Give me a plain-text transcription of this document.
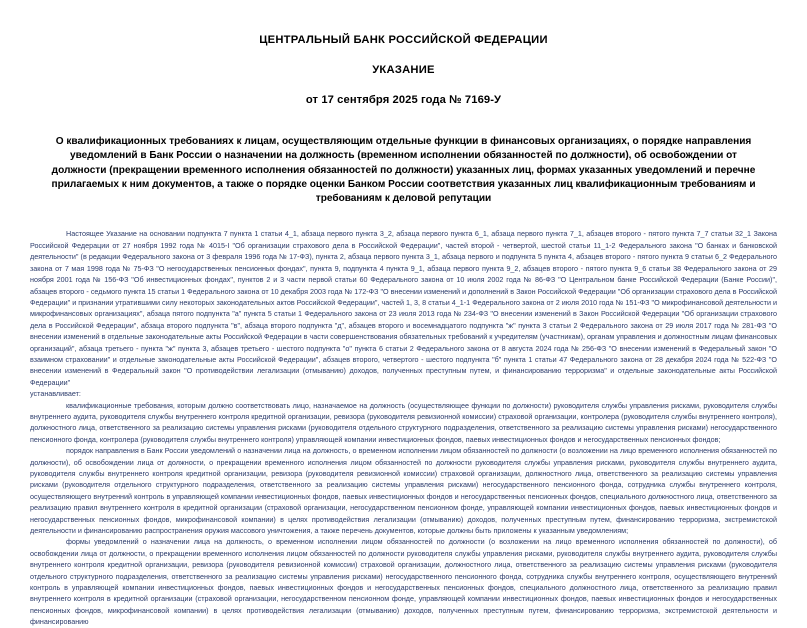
ЦЕНТРАЛЬНЫЙ БАНК РОССИЙСКОЙ ФЕДЕРАЦИИ
УКАЗАНИЕ
от 17 сентября 2025 года № 7169-У
О квалификационных требованиях к лицам, осуществляющим отдельные функции в финансовых организациях, о порядке направления уведомлений в Банк России о назначении на должность (временном исполнении обязанностей по должности), об освобождении от должности (прекращении временного исполнения обязанностей по должности) указанных лиц, формах указанных уведомлений и перечне прилагаемых к ним документов, а также о порядке оценки Банком России соответствия указанных лиц квалификационным требованиям и требованиям к деловой репутации

Настоящее Указание на основании подпункта 7 пункта 1 статьи 4_1, абзаца первого пункта 3_2, абзаца первого пункта 6_1, абзаца первого пункта 7_1, абзацев второго - пятого пункта 7_7 статьи 32_1 Закона Российской Федерации от 27 ноября 1992 года № 4015-I "Об организации страхового дела в Российской Федерации", частей второй - четвертой, шестой статьи 11_1-2 Федерального закона "О банках и банковской деятельности" (в редакции Федерального закона от 3 февраля 1996 года № 17-ФЗ), пункта 2, абзаца первого пункта 3_1, абзаца первого и подпункта 5 пункта 4, абзацев второго - пятого пункта 9 статьи 6_2 Федерального закона от 7 мая 1998 года № 75-ФЗ "О негосударственных пенсионных фондах", пункта 9, подпункта 4 пункта 9_1, абзаца первого пункта 9_2, абзацев второго - пятого пункта 9_6 статьи 38 Федерального закона от 29 ноября 2001 года № 156-ФЗ "Об инвестиционных фондах", пунктов 2 и 3 части первой статьи 60 Федерального закона от 10 июля 2002 года № 86-ФЗ "О Центральном банке Российской Федерации (Банке России)", абзацев второго - седьмого пункта 15 статьи 1 Федерального закона от 10 декабря 2003 года № 172-ФЗ "О внесении изменений и дополнений в Закон Российской Федерации "Об организации страхового дела в Российской Федерации" и признании утратившими силу некоторых законодательных актов Российской Федерации", частей 1, 3, 8 статьи 4_1-1 Федерального закона от 2 июля 2010 года № 151-ФЗ "О микрофинансовой деятельности и микрофинансовых организациях", абзаца пятого подпункта "а" пункта 5 статьи 1 Федерального закона от 23 июля 2013 года № 234-ФЗ "О внесении изменений в Закон Российской Федерации "Об организации страхового дела в Российской Федерации", абзаца второго подпункта "в", абзаца второго подпункта "д", абзацев второго и восемнадцатого подпункта "ж" пункта 3 статьи 2 Федерального закона от 29 июля 2017 года № 281-ФЗ "О внесении изменений в отдельные законодательные акты Российской Федерации в части совершенствования обязательных требований к учредителям (участникам), органам управления и должностным лицам финансовых организаций", абзаца третьего - пункта "ж" пункта 3, абзацев третьего - шестого подпункта "о" пункта 6 статьи 2 Федерального закона от 8 августа 2024 года № 256-ФЗ "О внесении изменений в Федеральный закон "О взаимном страховании" и отдельные законодательные акты Российской Федерации", абзацев второго, четвертого - шестого подпункта "б" пункта 1 статьи 47 Федерального закона от 28 декабря 2024 года № 522-ФЗ "О внесении изменений в Федеральный закон "О противодействии легализации (отмыванию) доходов, полученных преступным путем, и финансированию терроризма" и отдельные законодательные акты Российской Федерации"

устанавливает:

квалификационные требования, которым должно соответствовать лицо, назначаемое на должность (осуществляющее функции по должности) руководителя службы управления рисками, руководителя службы внутреннего аудита, руководителя службы внутреннего контроля кредитной организации, ревизора (руководителя ревизионной комиссии) страховой организации, контролера (руководителя службы внутреннего контроля), должностного лица, ответственного за реализацию системы управления рисками (руководителя отдельного структурного подразделения, ответственного за реализацию системы управления рисками) негосударственного пенсионного фонда, контролера (руководителя службы внутреннего контроля) управляющей компании инвестиционных фондов, паевых инвестиционных фондов и негосударственных пенсионных фондов;

порядок направления в Банк России уведомлений о назначении лица на должность, о временном исполнении лицом обязанностей по должности (о возложении на лицо временного исполнения обязанностей по должности), об освобождении лица от должности, о прекращении временного исполнения лицом обязанностей по должности руководителя службы управления рисками, руководителя службы внутреннего аудита, руководителя службы внутреннего контроля кредитной организации, ревизора (руководителя ревизионной комиссии) страховой организации, должностного лица, ответственного за реализацию системы управления рисками (руководителя отдельного структурного подразделения, ответственного за реализацию системы управления рисками) негосударственного пенсионного фонда, сотрудника службы внутреннего контроля, осуществляющего внутренний контроль в управляющей компании инвестиционных фондов, паевых инвестиционных фондов и негосударственных пенсионных фондов, специального должностного лица, ответственного за реализацию правил внутреннего контроля в кредитной организации (страховой организации, негосударственном пенсионном фонде, управляющей компании инвестиционных фондов, паевых инвестиционных фондов и негосударственных пенсионных фондов, микрофинансовой компании) в целях противодействия легализации (отмыванию) доходов, полученных преступным путем, финансированию терроризма, экстремистской деятельности и финансированию распространения оружия массового уничтожения, а также перечень документов, которые должны быть приложены к указанным уведомлениям;

формы уведомлений о назначении лица на должность, о временном исполнении лицом обязанностей по должности (о возложении на лицо временного исполнения обязанностей по должности), об освобождении лица от должности, о прекращении временного исполнения лицом обязанностей по должности руководителя службы управления рисками, руководителя службы внутреннего аудита, руководителя службы внутреннего контроля кредитной организации, ревизора (руководителя ревизионной комиссии) страховой организации, должностного лица, ответственного за реализацию системы управления рисками (руководителя отдельного структурного подразделения, ответственного за реализацию системы управления рисками) негосударственного пенсионного фонда, сотрудника службы внутреннего контроля, осуществляющего внутренний контроль в управляющей компании инвестиционных фондов, паевых инвестиционных фондов и негосударственных пенсионных фондов, специального должностного лица, ответственного за реализацию правил внутреннего контроля в кредитной организации (страховой организации, негосударственном пенсионном фонде, управляющей компании инвестиционных фондов, паевых инвестиционных фондов и негосударственных пенсионных фондов, микрофинансовой компании) в целях противодействия легализации (отмыванию) доходов, полученных преступным путем, финансированию терроризма, экстремистской деятельности и финансированию
